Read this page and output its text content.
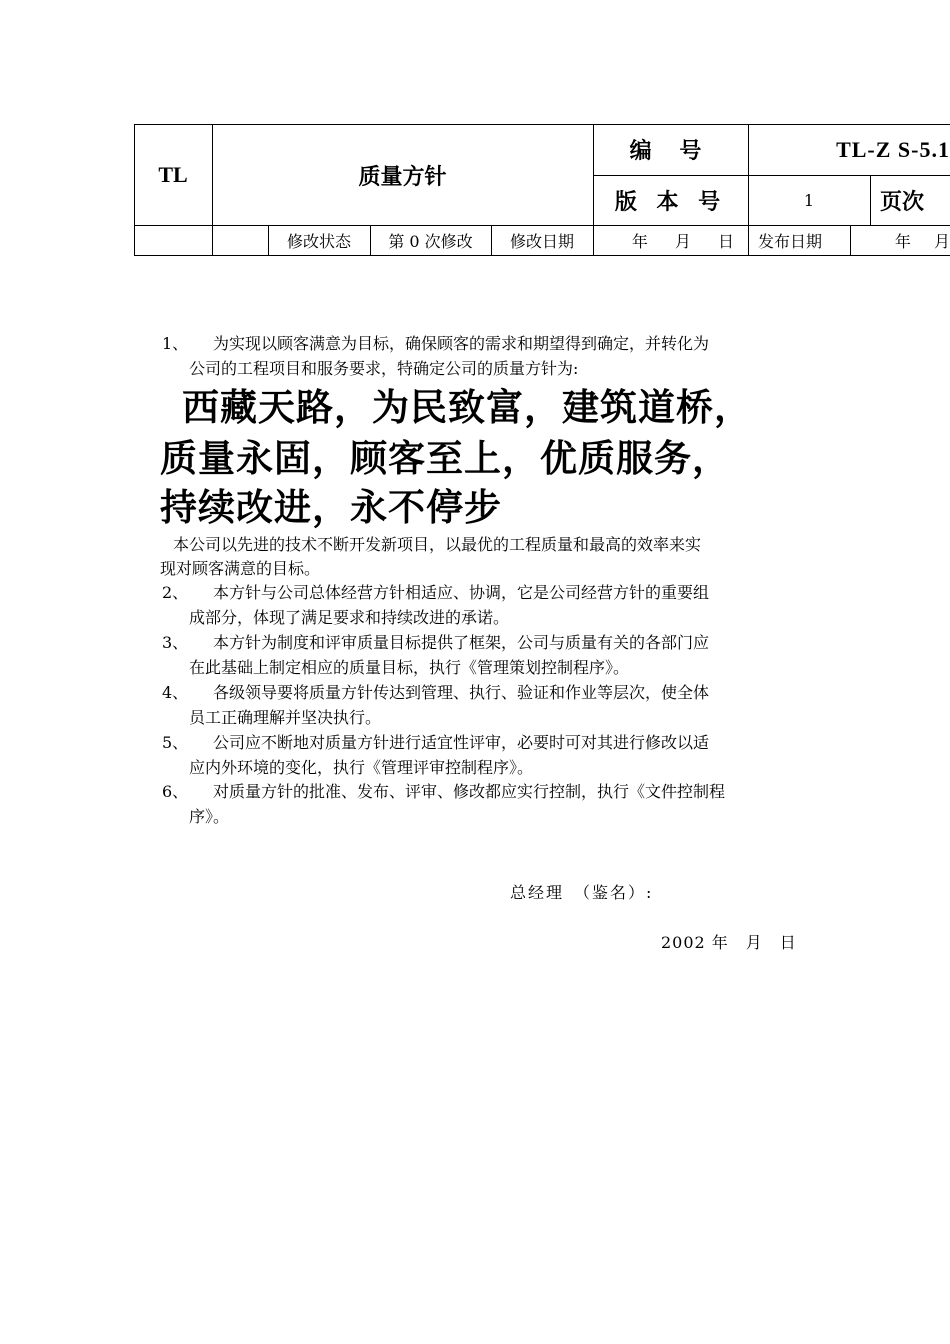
TL	质量方针
编 号	TL-Z S-5.1
版 本 号	1	页次
修改状态	第 0 次修改	修改日期	年 月 日	发布日期	年 月
1、 为实现以顾客满意为目标，确保顾客的需求和期望得到确定，并转化为
公司的工程项目和服务要求，特确定公司的质量方针为:
西藏天路，为民致富，建筑道桥，
质量永固，顾客至上，优质服务，
持续改进，永不停步
本公司以先进的技术不断开发新项目，以最优的工程质量和最高的效率来实
现对顾客满意的目标。
2、 本方针与公司总体经营方针相适应、协调，它是公司经营方针的重要组
成部分，体现了满足要求和持续改进的承诺。
3、 本方针为制度和评审质量目标提供了框架，公司与质量有关的各部门应
在此基础上制定相应的质量目标，执行《管理策划控制程序》。
4、 各级领导要将质量方针传达到管理、执行、验证和作业等层次，使全体
员工正确理解并坚决执行。
5、 公司应不断地对质量方针进行适宜性评审，必要时可对其进行修改以适
应内外环境的变化，执行《管理评审控制程序》。
6、 对质量方针的批准、发布、评审、修改都应实行控制，执行《文件控制程
序》。
总经理　（鉴名）:
2002 年　月　日
